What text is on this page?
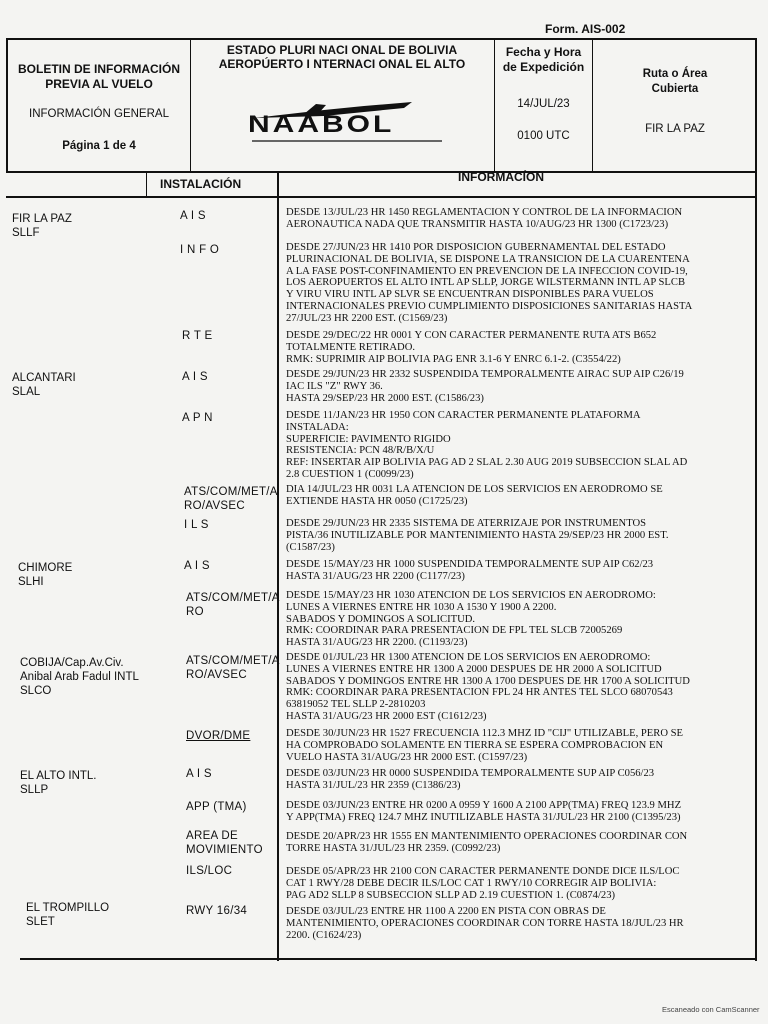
Form. AIS-002
BOLETIN DE INFORMACIÓN
PREVIA AL VUELO
INFORMACIÓN GENERAL
Página 1 de 4
ESTADO PLURI NACI ONAL DE BOLIVIA
AEROPÚERTO I NTERNACI ONAL EL ALTO
NAABOL
Fecha y Hora
de Expedición
14/JUL/23
0100 UTC
Ruta o Área
Cubierta
FIR LA PAZ
INSTALACIÓN	INFORMACÍON
FIR LA PAZ
SLLF
ALCANTARI
SLAL
CHIMORE
SLHI
COBIJA/Cap.Av.Civ.
Anibal Arab Fadul INTL
SLCO
EL ALTO INTL.
SLLP
EL TROMPILLO
SLET
A I S
I N F O
R T E
A I S
A P N
ATS/COM/MET/A
RO/AVSEC
I L S
A I S
ATS/COM/MET/A
RO
ATS/COM/MET/A
RO/AVSEC
DVOR/DME
A I S
APP (TMA)
AREA DE
MOVIMIENTO
ILS/LOC
RWY 16/34
DESDE 13/JUL/23 HR 1450 REGLAMENTACION Y CONTROL DE LA INFORMACION
AERONAUTICA NADA QUE TRANSMITIR HASTA 10/AUG/23 HR 1300 (C1723/23)
DESDE 27/JUN/23 HR 1410 POR DISPOSICION GUBERNAMENTAL DEL ESTADO
PLURINACIONAL DE BOLIVIA, SE DISPONE LA TRANSICION DE LA CUARENTENA
A LA FASE POST-CONFINAMIENTO EN PREVENCION DE LA INFECCION COVID-19,
LOS AEROPUERTOS EL ALTO INTL AP SLLP, JORGE WILSTERMANN INTL AP SLCB
Y VIRU VIRU INTL AP SLVR SE ENCUENTRAN DISPONIBLES PARA VUELOS
INTERNACIONALES PREVIO CUMPLIMIENTO DISPOSICIONES SANITARIAS HASTA
27/JUL/23 HR 2200 EST. (C1569/23)
DESDE 29/DEC/22 HR 0001 Y CON CARACTER PERMANENTE RUTA ATS B652
TOTALMENTE RETIRADO.
RMK: SUPRIMIR AIP BOLIVIA PAG ENR 3.1-6 Y ENRC 6.1-2. (C3554/22)
DESDE 29/JUN/23 HR 2332 SUSPENDIDA TEMPORALMENTE AIRAC SUP AIP C26/19
IAC ILS "Z" RWY 36.
HASTA 29/SEP/23 HR 2000 EST. (C1586/23)
DESDE 11/JAN/23 HR 1950 CON CARACTER PERMANENTE PLATAFORMA
INSTALADA:
SUPERFICIE: PAVIMENTO RIGIDO
RESISTENCIA: PCN 48/R/B/X/U
REF: INSERTAR AIP BOLIVIA PAG AD 2 SLAL 2.30 AUG 2019 SUBSECCION SLAL AD
2.8 CUESTION 1 (C0099/23)
DIA 14/JUL/23 HR 0031 LA ATENCION DE LOS SERVICIOS EN AERODROMO SE
EXTIENDE HASTA HR 0050 (C1725/23)
DESDE 29/JUN/23 HR 2335 SISTEMA DE ATERRIZAJE POR INSTRUMENTOS
PISTA/36 INUTILIZABLE POR MANTENIMIENTO HASTA 29/SEP/23 HR 2000 EST.
(C1587/23)
DESDE 15/MAY/23 HR 1000 SUSPENDIDA TEMPORALMENTE SUP AIP C62/23
HASTA 31/AUG/23 HR 2200 (C1177/23)
DESDE 15/MAY/23 HR 1030 ATENCION DE LOS SERVICIOS EN AERODROMO:
LUNES A VIERNES ENTRE HR 1030 A 1530 Y 1900 A 2200.
SABADOS Y DOMINGOS A SOLICITUD.
RMK: COORDINAR PARA PRESENTACION DE FPL TEL SLCB 72005269
HASTA 31/AUG/23 HR 2200. (C1193/23)
DESDE 01/JUL/23 HR 1300 ATENCION DE LOS SERVICIOS EN AERODROMO:
LUNES A VIERNES ENTRE HR 1300 A 2000 DESPUES DE HR 2000 A SOLICITUD
SABADOS Y DOMINGOS ENTRE HR 1300 A 1700 DESPUES DE HR 1700 A SOLICITUD
RMK: COORDINAR PARA PRESENTACION FPL 24 HR ANTES TEL SLCO 68070543
63819052 TEL SLLP 2-2810203
HASTA 31/AUG/23 HR 2000 EST (C1612/23)
DESDE 30/JUN/23 HR 1527 FRECUENCIA 112.3 MHZ ID "CIJ" UTILIZABLE, PERO SE
HA COMPROBADO SOLAMENTE EN TIERRA SE ESPERA COMPROBACION EN
VUELO HASTA 31/AUG/23 HR 2000 EST. (C1597/23)
DESDE 03/JUN/23 HR 0000 SUSPENDIDA TEMPORALMENTE SUP AIP C056/23
HASTA 31/JUL/23 HR 2359 (C1386/23)
DESDE 03/JUN/23 ENTRE HR 0200 A 0959 Y 1600 A 2100 APP(TMA) FREQ 123.9 MHZ
Y APP(TMA) FREQ 124.7 MHZ INUTILIZABLE HASTA 31/JUL/23 HR 2100 (C1395/23)
DESDE 20/APR/23 HR 1555 EN MANTENIMIENTO OPERACIONES COORDINAR CON
TORRE HASTA 31/JUL/23 HR 2359. (C0992/23)
DESDE 05/APR/23 HR 2100 CON CARACTER PERMANENTE DONDE DICE ILS/LOC
CAT 1 RWY/28 DEBE DECIR ILS/LOC CAT 1 RWY/10 CORREGIR AIP BOLIVIA:
PAG AD2 SLLP 8 SUBSECCION SLLP AD 2.19 CUESTION 1. (C0874/23)
DESDE 03/JUL/23 ENTRE HR 1100 A 2200 EN PISTA CON OBRAS DE
MANTENIMIENTO, OPERACIONES COORDINAR CON TORRE HASTA 18/JUL/23 HR
2200. (C1624/23)
Escaneado con CamScanner
